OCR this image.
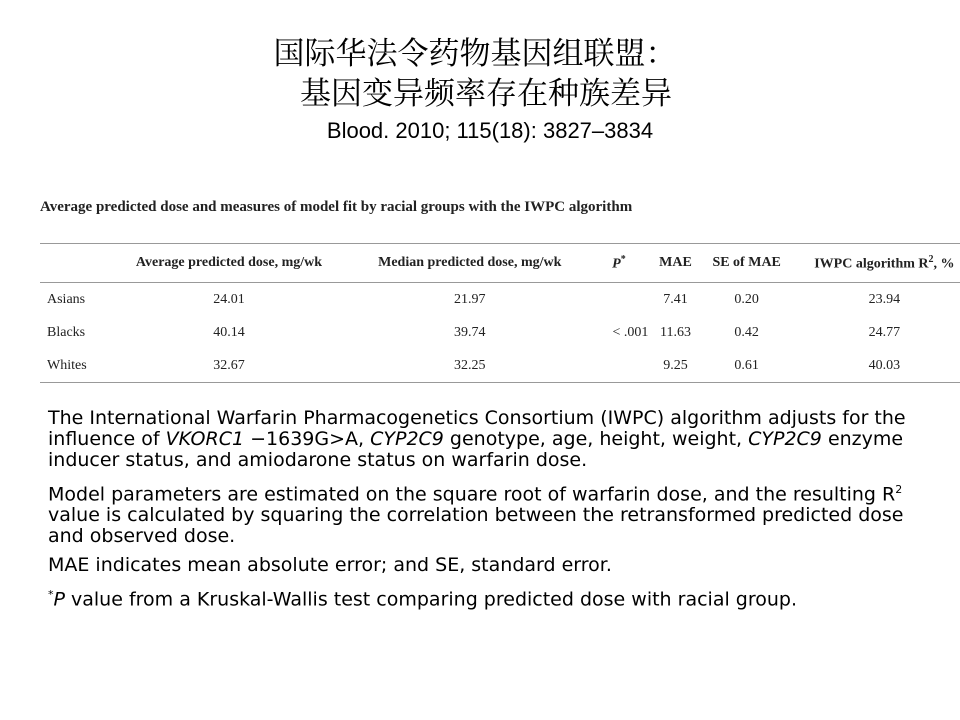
国际华法令药物基因组联盟：
基因变异频率存在种族差异
Blood. 2010; 115(18): 3827–3834
Average predicted dose and measures of model fit by racial groups with the IWPC algorithm
	Average predicted dose, mg/wk	Median predicted dose, mg/wk	P*	MAE	SE of MAE	IWPC algorithm $R^2$, %
Asians	24.01	21.97		7.41	0.20	23.94
Blacks	40.14	39.74	< .001	11.63	0.42	24.77
Whites	32.67	32.25		9.25	0.61	40.03

The International Warfarin Pharmacogenetics Consortium (IWPC) algorithm adjusts for the influence of VKORC1 −1639G>A, CYP2C9 genotype, age, height, weight, CYP2C9 enzyme inducer status, and amiodarone status on warfarin dose.

Model parameters are estimated on the square root of warfarin dose, and the resulting $R^2$ value is calculated by squaring the correlation between the retransformed predicted dose and observed dose.

MAE indicates mean absolute error; and SE, standard error.

*P value from a Kruskal-Wallis test comparing predicted dose with racial group.
